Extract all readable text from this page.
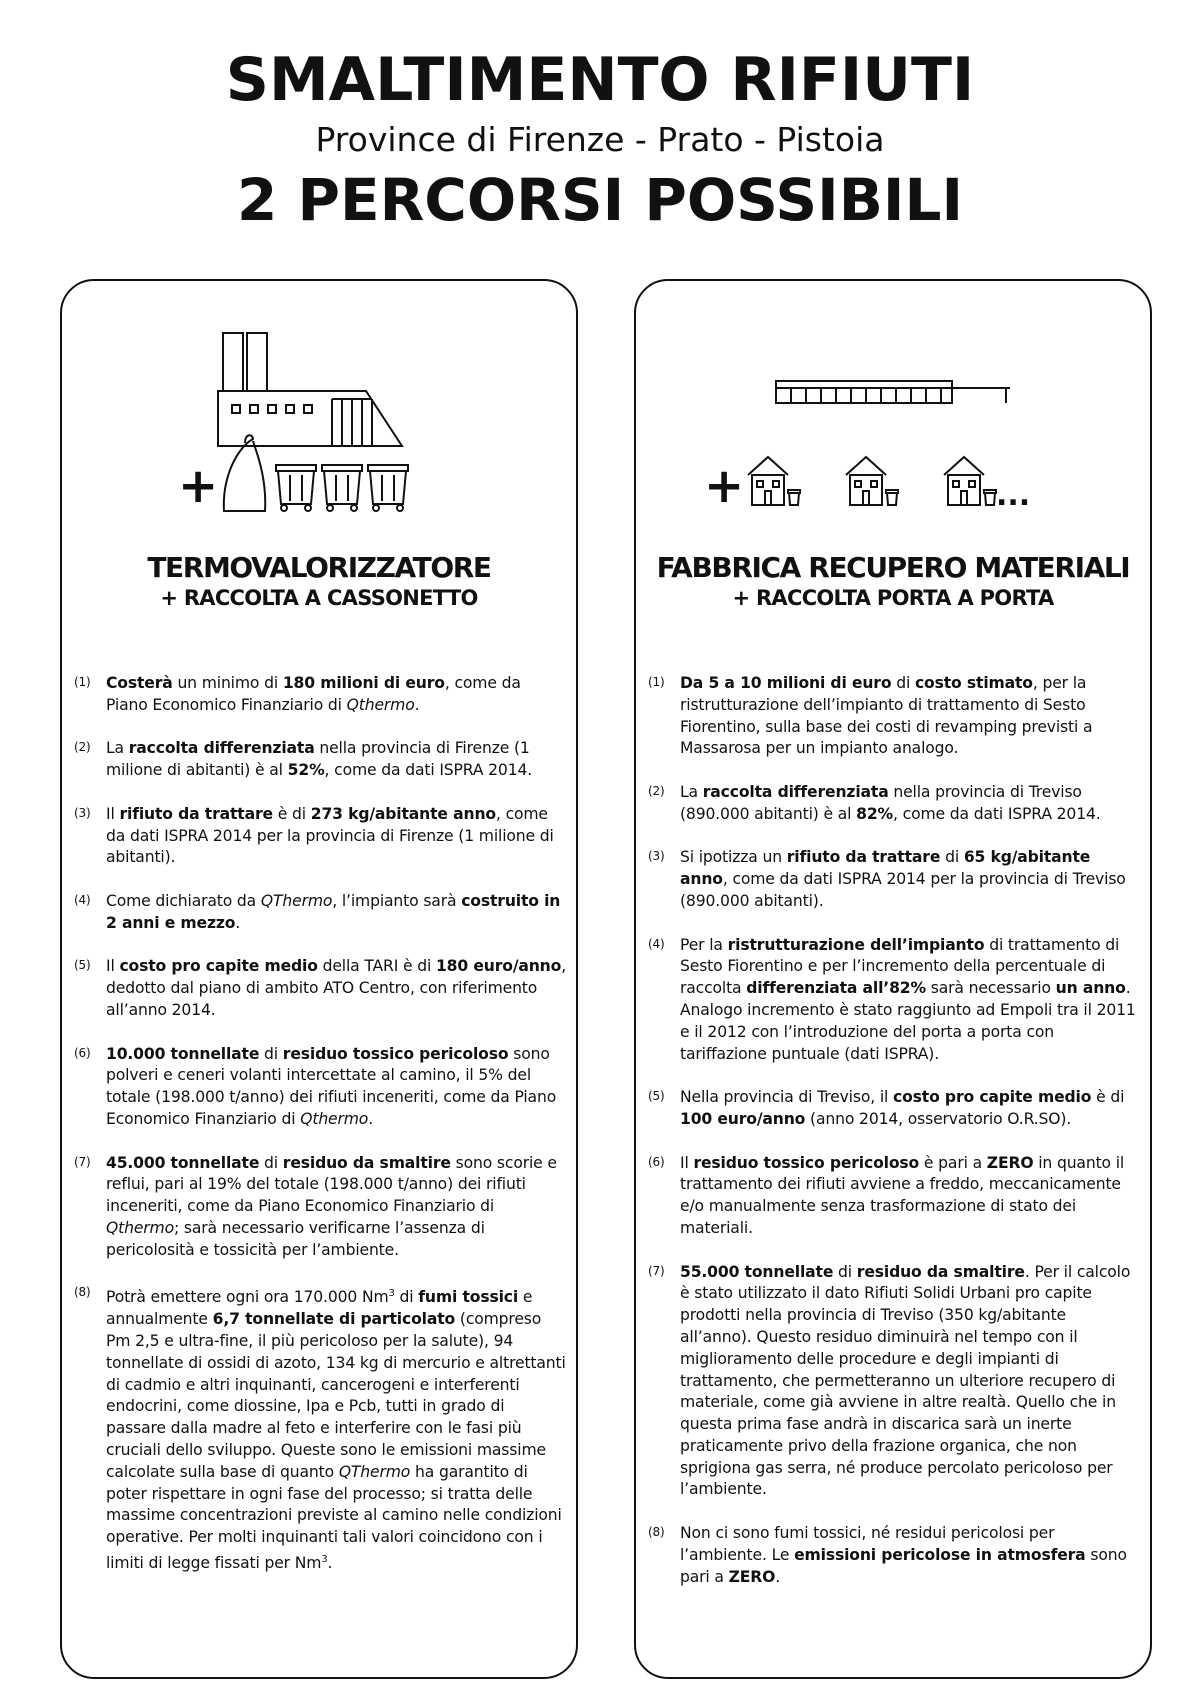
SMALTIMENTO RIFIUTI
Province di Firenze - Prato - Pistoia
2 PERCORSI POSSIBILI
+
TERMOVALORIZZATORE
+ RACCOLTA A CASSONETTO
(1) Costerà un minimo di 180 milioni di euro, come da Piano Economico Finanziario di Qthermo.
(2) La raccolta differenziata nella provincia di Firenze (1 milione di abitanti) è al 52%, come da dati ISPRA 2014.
(3) Il rifiuto da trattare è di 273 kg/abitante anno, come da dati ISPRA 2014 per la provincia di Firenze (1 milione di abitanti).
(4) Come dichiarato da QThermo, l’impianto sarà costruito in 2 anni e mezzo.
(5) Il costo pro capite medio della TARI è di 180 euro/anno, dedotto dal piano di ambito ATO Centro, con riferimento all’anno 2014.
(6) 10.000 tonnellate di residuo tossico pericoloso sono polveri e ceneri volanti intercettate al camino, il 5% del totale (198.000 t/anno) dei rifiuti inceneriti, come da Piano Economico Finanziario di Qthermo.
(7) 45.000 tonnellate di residuo da smaltire sono scorie e reflui, pari al 19% del totale (198.000 t/anno) dei rifiuti inceneriti, come da Piano Economico Finanziario di Qthermo; sarà necessario verificarne l’assenza di pericolosità e tossicità per l’ambiente.
(8) Potrà emettere ogni ora 170.000 Nm$^3$ di fumi tossici e annualmente 6,7 tonnellate di particolato (compreso Pm 2,5 e ultra-fine, il più pericoloso per la salute), 94 tonnellate di ossidi di azoto, 134 kg di mercurio e altrettanti di cadmio e altri inquinanti, cancerogeni e interferenti endocrini, come diossine, Ipa e Pcb, tutti in grado di passare dalla madre al feto e interferire con le fasi più cruciali dello sviluppo. Queste sono le emissioni massime calcolate sulla base di quanto QThermo ha garantito di poter rispettare in ogni fase del processo; si tratta delle massime concentrazioni previste al camino nelle condizioni operative. Per molti inquinanti tali valori coincidono con i limiti di legge fissati per $Nm^3$.
+	...
FABBRICA RECUPERO MATERIALI
+ RACCOLTA PORTA A PORTA
(1) Da 5 a 10 milioni di euro di costo stimato, per la ristrutturazione dell’impianto di trattamento di Sesto Fiorentino, sulla base dei costi di revamping previsti a Massarosa per un impianto analogo.
(2) La raccolta differenziata nella provincia di Treviso (890.000 abitanti) è al 82%, come da dati ISPRA 2014.
(3) Si ipotizza un rifiuto da trattare di 65 kg/abitante anno, come da dati ISPRA 2014 per la provincia di Treviso (890.000 abitanti).
(4) Per la ristrutturazione dell’impianto di trattamento di Sesto Fiorentino e per l’incremento della percentuale di raccolta differenziata all’82% sarà necessario un anno. Analogo incremento è stato raggiunto ad Empoli tra il 2011 e il 2012 con l’introduzione del porta a porta con tariffazione puntuale (dati ISPRA).
(5) Nella provincia di Treviso, il costo pro capite medio è di 100 euro/anno (anno 2014, osservatorio O.R.SO).
(6) Il residuo tossico pericoloso è pari a ZERO in quanto il trattamento dei rifiuti avviene a freddo, meccanicamente e/o manualmente senza trasformazione di stato dei materiali.
(7) 55.000 tonnellate di residuo da smaltire. Per il calcolo è stato utilizzato il dato Rifiuti Solidi Urbani pro capite prodotti nella provincia di Treviso (350 kg/abitante all’anno). Questo residuo diminuirà nel tempo con il miglioramento delle procedure e degli impianti di trattamento, che permetteranno un ulteriore recupero di materiale, come già avviene in altre realtà. Quello che in questa prima fase andrà in discarica sarà un inerte praticamente privo della frazione organica, che non sprigiona gas serra, né produce percolato pericoloso per l’ambiente.
(8) Non ci sono fumi tossici, né residui pericolosi per l’ambiente. Le emissioni pericolose in atmosfera sono pari a ZERO.
